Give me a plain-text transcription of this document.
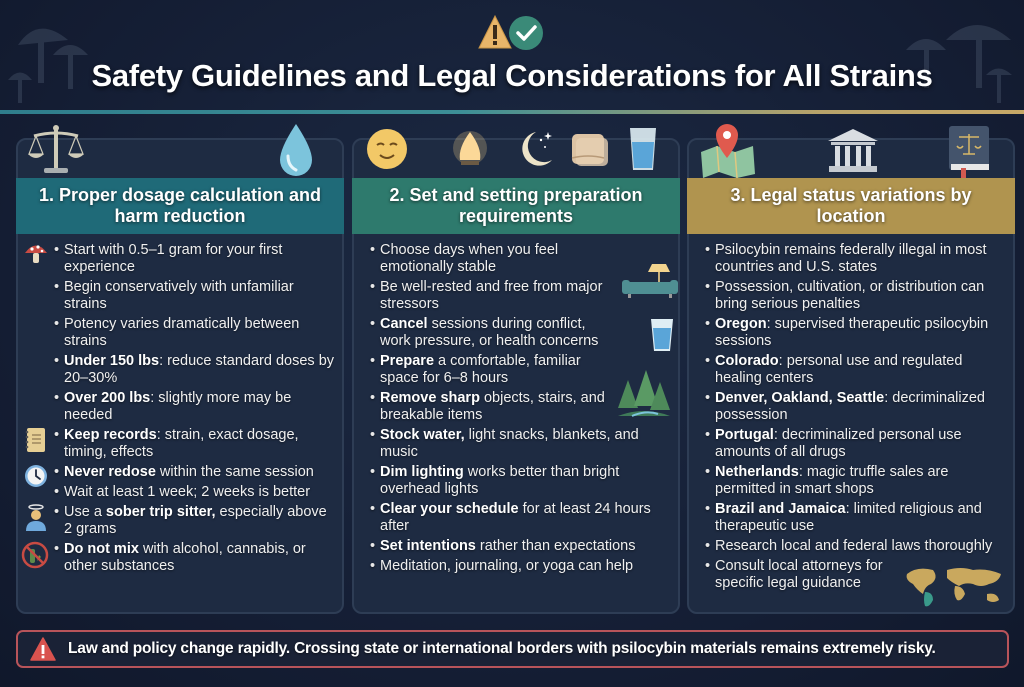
Safety Guidelines and Legal Considerations for All Strains
1. Proper dosage calculation and harm reduction
• Start with 0.5–1 gram for your first experience
• Begin conservatively with unfamiliar strains
• Potency varies dramatically between strains
• Under 150 lbs: reduce standard doses by 20–30%
• Over 200 lbs: slightly more may be needed
• Keep records: strain, exact dosage, timing, effects
• Never redose within the same session
• Wait at least 1 week; 2 weeks is better
• Use a sober trip sitter, especially above 2 grams
• Do not mix with alcohol, cannabis, or other substances
2. Set and setting preparation requirements
• Choose days when you feel emotionally stable
• Be well-rested and free from major stressors
• Cancel sessions during conflict, work pressure, or health concerns
• Prepare a comfortable, familiar space for 6–8 hours
• Remove sharp objects, stairs, and breakable items
• Stock water, light snacks, blankets, and music
• Dim lighting works better than bright overhead lights
• Clear your schedule for at least 24 hours after
• Set intentions rather than expectations
• Meditation, journaling, or yoga can help
3. Legal status variations by location
• Psilocybin remains federally illegal in most countries and U.S. states
• Possession, cultivation, or distribution can bring serious penalties
• Oregon: supervised therapeutic psilocybin sessions
• Colorado: personal use and regulated healing centers
• Denver, Oakland, Seattle: decriminalized possession
• Portugal: decriminalized personal use amounts of all drugs
• Netherlands: magic truffle sales are permitted in smart shops
• Brazil and Jamaica: limited religious and therapeutic use
• Research local and federal laws thoroughly
• Consult local attorneys for specific legal guidance
Law and policy change rapidly. Crossing state or international borders with psilocybin materials remains extremely risky.
